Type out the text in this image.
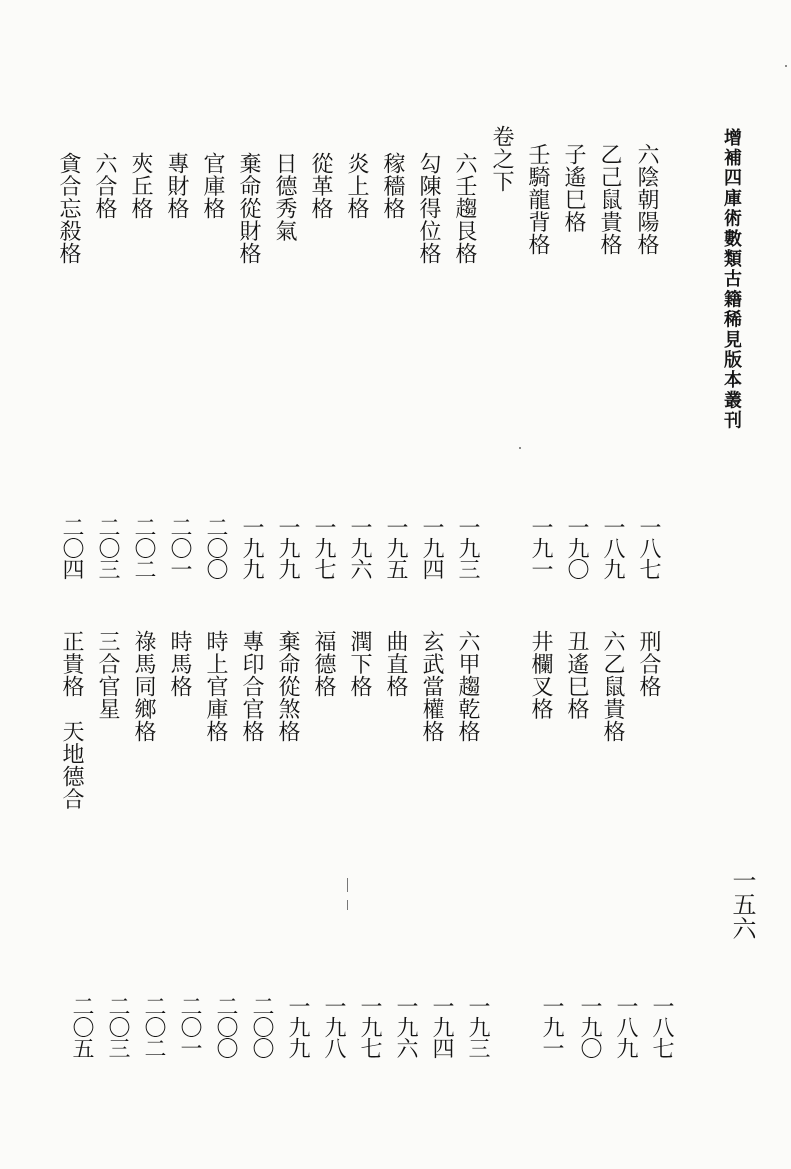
增補四庫術數類古籍稀見版本叢刊
一五六
六陰朝陽格
乙己鼠貴格
子遙巳格
壬騎龍背格
卷之下
六壬趨艮格
勾陳得位格
稼穡格
炎上格
從革格
日德秀氣
棄命從財格
官庫格
專財格
夾丘格
六合格
貪合忘殺格
一八七
一八九
一九〇
一九一
一九三
一九四
一九五
一九六
一九七
一九九
一九九
二〇〇
二〇一
二〇二
二〇三
二〇四
刑合格
六乙鼠貴格
丑遙巳格
井欄叉格
六甲趨乾格
玄武當權格
曲直格
潤下格
福德格
棄命從煞格
專印合官格
時上官庫格
時馬格
祿馬同鄉格
三合官星
正貴格　天地德合
一八七
一八九
一九〇
一九一
一九三
一九四
一九六
一九七
一九八
一九九
二〇〇
二〇〇
二〇一
二〇二
二〇三
二〇五
